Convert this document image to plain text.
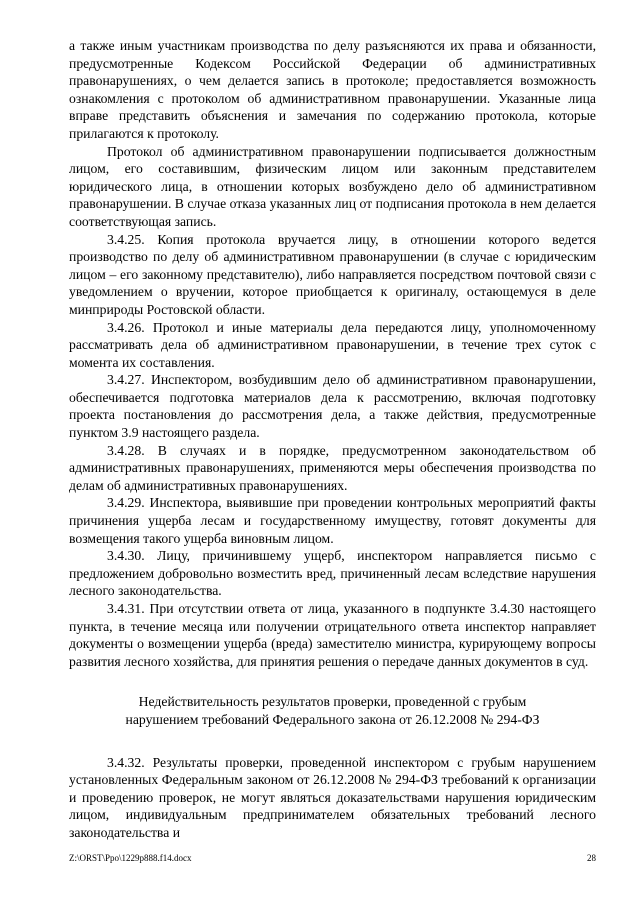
а также иным участникам производства по делу разъясняются их права и обязанности, предусмотренные Кодексом Российской Федерации об административных правонарушениях, о чем делается запись в протоколе; предоставляется возможность ознакомления с протоколом об административном правонарушении. Указанные лица вправе представить объяснения и замечания по содержанию протокола, которые прилагаются к протоколу.

Протокол об административном правонарушении подписывается должностным лицом, его составившим, физическим лицом или законным представителем юридического лица, в отношении которых возбуждено дело об административном правонарушении. В случае отказа указанных лиц от подписания протокола в нем делается соответствующая запись.

3.4.25. Копия протокола вручается лицу, в отношении которого ведется производство по делу об административном правонарушении (в случае с юридическим лицом – его законному представителю), либо направляется посредством почтовой связи с уведомлением о вручении, которое приобщается к оригиналу, остающемуся в деле минприроды Ростовской области.

3.4.26. Протокол и иные материалы дела передаются лицу, уполномоченному рассматривать дела об административном правонарушении, в течение трех суток с момента их составления.

3.4.27. Инспектором, возбудившим дело об административном правонарушении, обеспечивается подготовка материалов дела к рассмотрению, включая подготовку проекта постановления до рассмотрения дела, а также действия, предусмотренные пунктом 3.9 настоящего раздела.

3.4.28. В случаях и в порядке, предусмотренном законодательством об административных правонарушениях, применяются меры обеспечения производства по делам об административных правонарушениях.

3.4.29. Инспектора, выявившие при проведении контрольных мероприятий факты причинения ущерба лесам и государственному имуществу, готовят документы для возмещения такого ущерба виновным лицом.

3.4.30. Лицу, причинившему ущерб, инспектором направляется письмо с предложением добровольно возместить вред, причиненный лесам вследствие нарушения лесного законодательства.

3.4.31. При отсутствии ответа от лица, указанного в подпункте 3.4.30 настоящего пункта, в течение месяца или получении отрицательного ответа инспектор направляет документы о возмещении ущерба (вреда) заместителю министра, курирующему вопросы развития лесного хозяйства, для принятия решения о передаче данных документов в суд.

Недействительность результатов проверки, проведенной с грубым
нарушением требований Федерального закона от 26.12.2008 № 294-ФЗ

3.4.32. Результаты проверки, проведенной инспектором с грубым нарушением установленных Федеральным законом от 26.12.2008 № 294-ФЗ требований к организации и проведению проверок, не могут являться доказательствами нарушения юридическим лицом, индивидуальным предпринимателем обязательных требований лесного законодательства и

Z:\ORST\Ppo\1229p888.f14.docx	28
